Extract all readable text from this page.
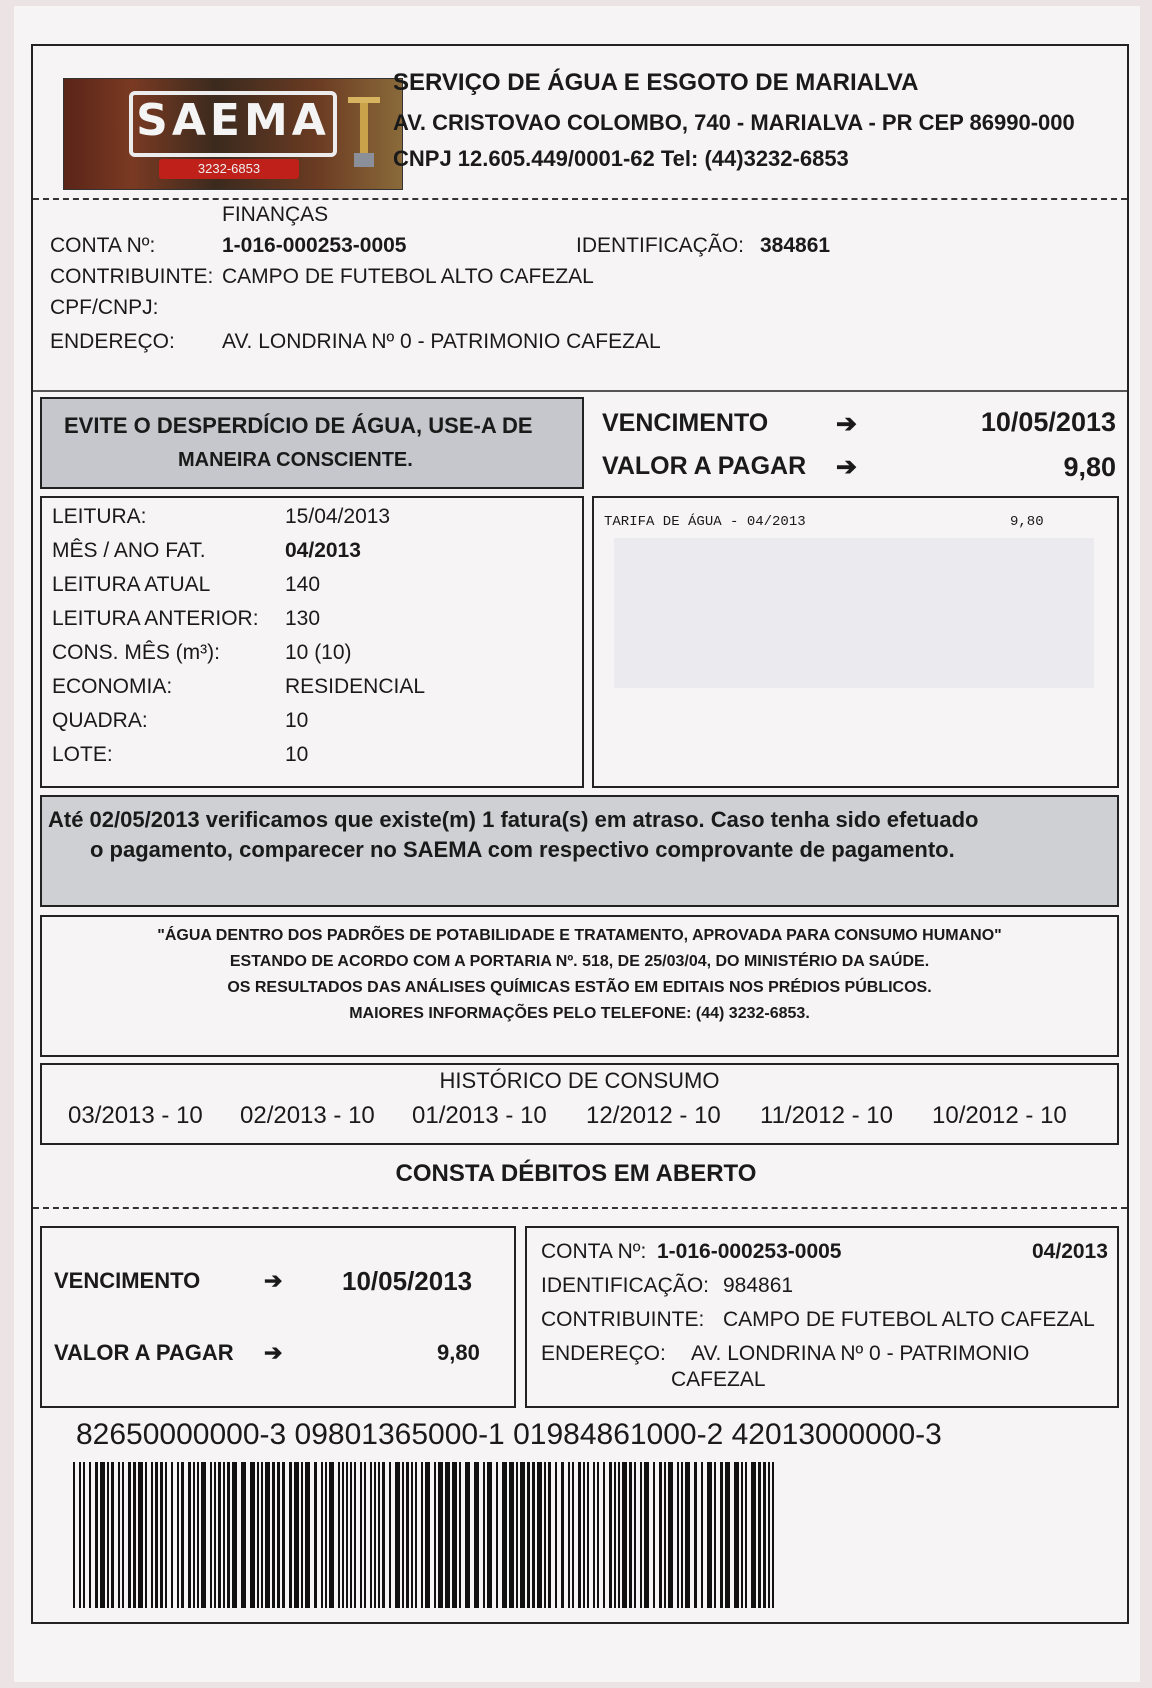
SAEMA
3232-6853
SERVIÇO DE ÁGUA E ESGOTO DE MARIALVA
AV. CRISTOVAO COLOMBO, 740 - MARIALVA - PR CEP 86990-000
CNPJ 12.605.449/0001-62 Tel: (44)3232-6853
FINANÇAS
CONTA Nº:	1-016-000253-0005	IDENTIFICAÇÃO: 384861
CONTRIBUINTE: CAMPO DE FUTEBOL ALTO CAFEZAL
CPF/CNPJ:
ENDEREÇO: AV. LONDRINA Nº 0 - PATRIMONIO CAFEZAL
EVITE O DESPERDÍCIO DE ÁGUA, USE-A DE
MANEIRA CONSCIENTE.
VENCIMENTO	➔	10/05/2013
VALOR A PAGAR ➔	9,80
LEITURA:	15/04/2013
MÊS / ANO FAT.	04/2013
LEITURA ATUAL	140
LEITURA ANTERIOR: 130
CONS. MÊS (m³):	10 (10)
ECONOMIA:	RESIDENCIAL
QUADRA:	10
LOTE:	10
TARIFA DE ÁGUA - 04/2013	9,80
Até 02/05/2013 verificamos que existe(m) 1 fatura(s) em atraso. Caso tenha sido efetuado
o pagamento, comparecer no SAEMA com respectivo comprovante de pagamento.
"ÁGUA DENTRO DOS PADRÕES DE POTABILIDADE E TRATAMENTO, APROVADA PARA CONSUMO HUMANO"
ESTANDO DE ACORDO COM A PORTARIA Nº. 518, DE 25/03/04, DO MINISTÉRIO DA SAÚDE.
OS RESULTADOS DAS ANÁLISES QUÍMICAS ESTÃO EM EDITAIS NOS PRÉDIOS PÚBLICOS.
MAIORES INFORMAÇÕES PELO TELEFONE: (44) 3232-6853.
HISTÓRICO DE CONSUMO
03/2013 - 10 02/2013 - 10 01/2013 - 10 12/2012 - 10 11/2012 - 10 10/2012 - 10
CONSTA DÉBITOS EM ABERTO
VENCIMENTO	➔ 10/05/2013
VALOR A PAGAR ➔	9,80
CONTA Nº: 1-016-000253-0005	04/2013
IDENTIFICAÇÃO: 984861
CONTRIBUINTE: CAMPO DE FUTEBOL ALTO CAFEZAL
ENDEREÇO: AV. LONDRINA Nº 0 - PATRIMONIO
CAFEZAL
82650000000-3 09801365000-1 01984861000-2 42013000000-3
